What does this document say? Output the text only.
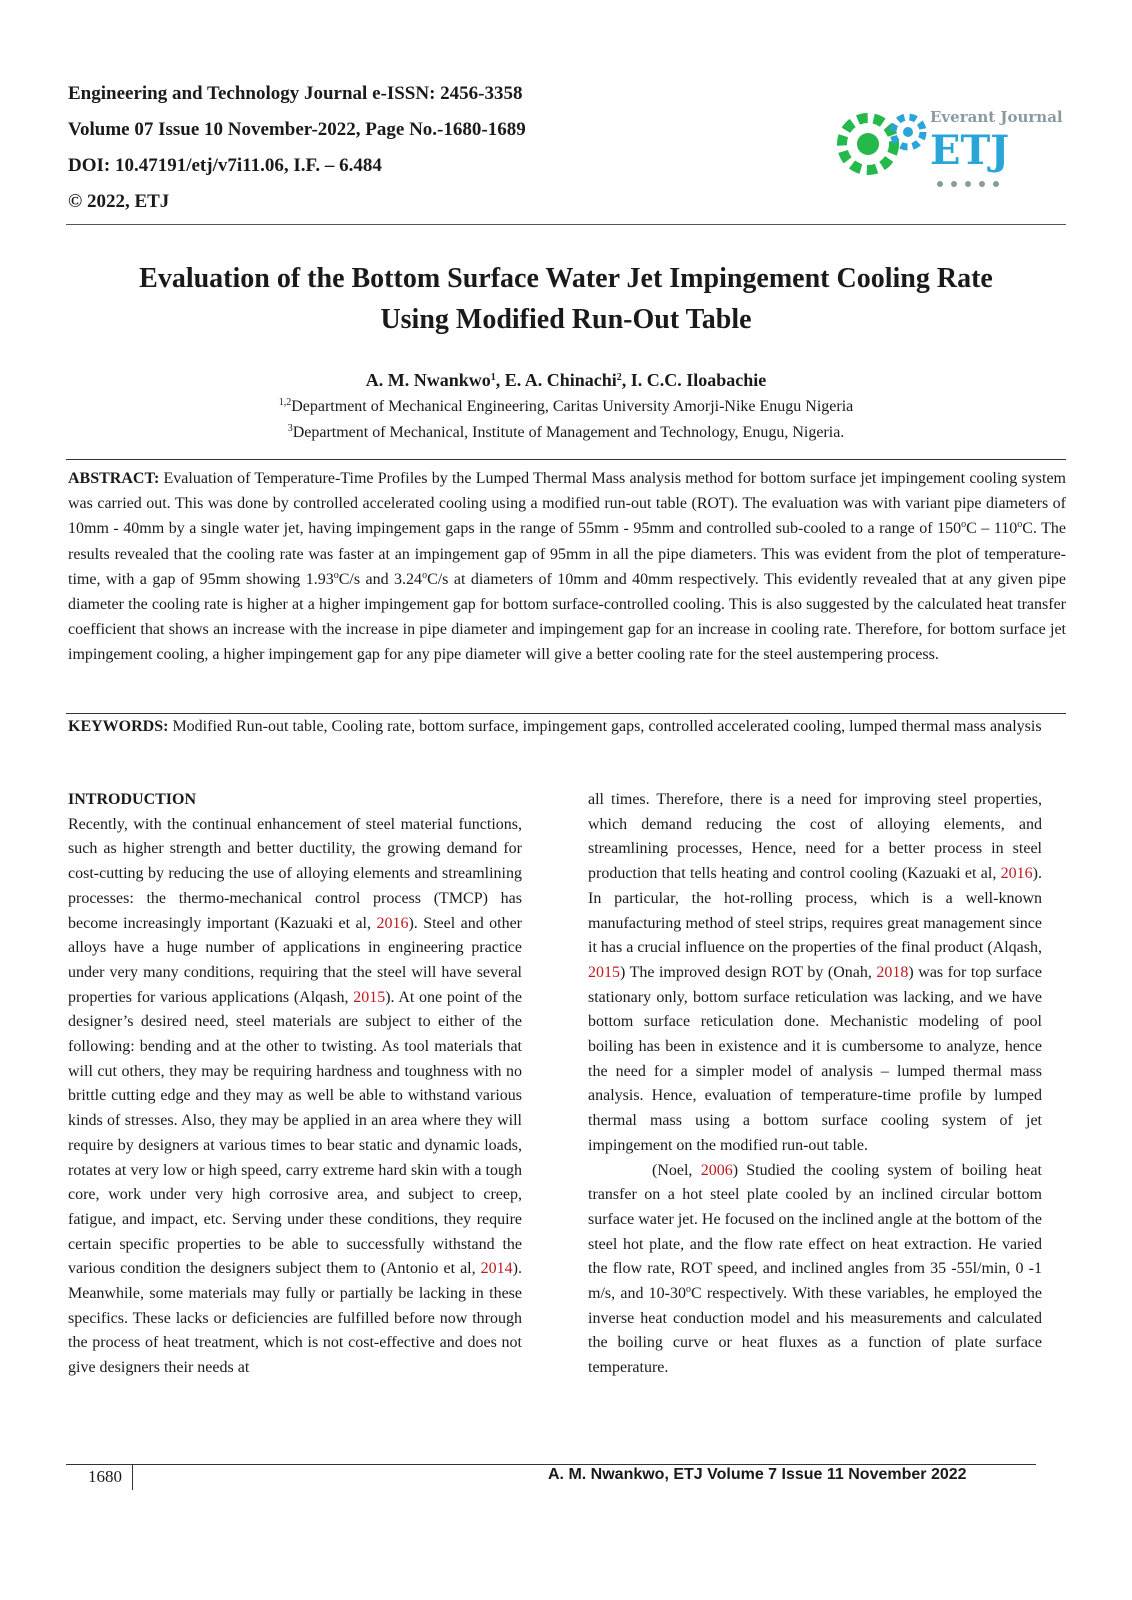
Engineering and Technology Journal e-ISSN: 2456-3358
Volume 07 Issue 10 November-2022, Page No.-1680-1689
DOI: 10.47191/etj/v7i11.06, I.F. – 6.484
© 2022, ETJ
Everant Journal
ETJ
Evaluation of the Bottom Surface Water Jet Impingement Cooling Rate
Using Modified Run-Out Table
A. M. Nwankwo$^1$, E. A. Chinachi$^2$, I. C.C. Iloabachie
$^{1,2}$Department of Mechanical Engineering, Caritas University Amorji-Nike Enugu Nigeria
$^3$Department of Mechanical, Institute of Management and Technology, Enugu, Nigeria.
ABSTRACT: Evaluation of Temperature-Time Profiles by the Lumped Thermal Mass analysis method for bottom surface jet impingement cooling system was carried out. This was done by controlled accelerated cooling using a modified run-out table (ROT). The evaluation was with variant pipe diameters of 10mm - 40mm by a single water jet, having impingement gaps in the range of 55mm - 95mm and controlled sub-cooled to a range of 150$^o$C – 110$^o$C. The results revealed that the cooling rate was faster at an impingement gap of 95mm in all the pipe diameters. This was evident from the plot of temperature-time, with a gap of 95mm showing 1.93$^o$C/s and 3.24$^o$C/s at diameters of 10mm and 40mm respectively. This evidently revealed that at any given pipe diameter the cooling rate is higher at a higher impingement gap for bottom surface-controlled cooling. This is also suggested by the calculated heat transfer coefficient that shows an increase with the increase in pipe diameter and impingement gap for an increase in cooling rate. Therefore, for bottom surface jet impingement cooling, a higher impingement gap for any pipe diameter will give a better cooling rate for the steel austempering process.
KEYWORDS: Modified Run-out table, Cooling rate, bottom surface, impingement gaps, controlled accelerated cooling, lumped thermal mass analysis

INTRODUCTION

Recently, with the continual enhancement of steel material functions, such as higher strength and better ductility, the growing demand for cost-cutting by reducing the use of alloying elements and streamlining processes: the thermo-mechanical control process (TMCP) has become increasingly important (Kazuaki et al, 2016). Steel and other alloys have a huge number of applications in engineering practice under very many conditions, requiring that the steel will have several properties for various applications (Alqash, 2015). At one point of the designer’s desired need, steel materials are subject to either of the following: bending and at the other to twisting. As tool materials that will cut others, they may be requiring hardness and toughness with no brittle cutting edge and they may as well be able to withstand various kinds of stresses. Also, they may be applied in an area where they will require by designers at various times to bear static and dynamic loads, rotates at very low or high speed, carry extreme hard skin with a tough core, work under very high corrosive area, and subject to creep, fatigue, and impact, etc. Serving under these conditions, they require certain specific properties to be able to successfully withstand the various condition the designers subject them to (Antonio et al, 2014). Meanwhile, some materials may fully or partially be lacking in these specifics. These lacks or deficiencies are fulfilled before now through the process of heat treatment, which is not cost-effective and does not give designers their needs at

all times. Therefore, there is a need for improving steel properties, which demand reducing the cost of alloying elements, and streamlining processes, Hence, need for a better process in steel production that tells heating and control cooling (Kazuaki et al, 2016). In particular, the hot-rolling process, which is a well-known manufacturing method of steel strips, requires great management since it has a crucial influence on the properties of the final product (Alqash, 2015) The improved design ROT by (Onah, 2018) was for top surface stationary only, bottom surface reticulation was lacking, and we have bottom surface reticulation done. Mechanistic modeling of pool boiling has been in existence and it is cumbersome to analyze, hence the need for a simpler model of analysis – lumped thermal mass analysis. Hence, evaluation of temperature-time profile by lumped thermal mass using a bottom surface cooling system of jet impingement on the modified run-out table.

(Noel, 2006) Studied the cooling system of boiling heat transfer on a hot steel plate cooled by an inclined circular bottom surface water jet. He focused on the inclined angle at the bottom of the steel hot plate, and the flow rate effect on heat extraction. He varied the flow rate, ROT speed, and inclined angles from 35 -55l/min, 0 -1 m/s, and 10-30$^o$C respectively. With these variables, he employed the inverse heat conduction model and his measurements and calculated the boiling curve or heat fluxes as a function of plate surface temperature.

1680	A. M. Nwankwo, ETJ Volume 7 Issue 11 November 2022
